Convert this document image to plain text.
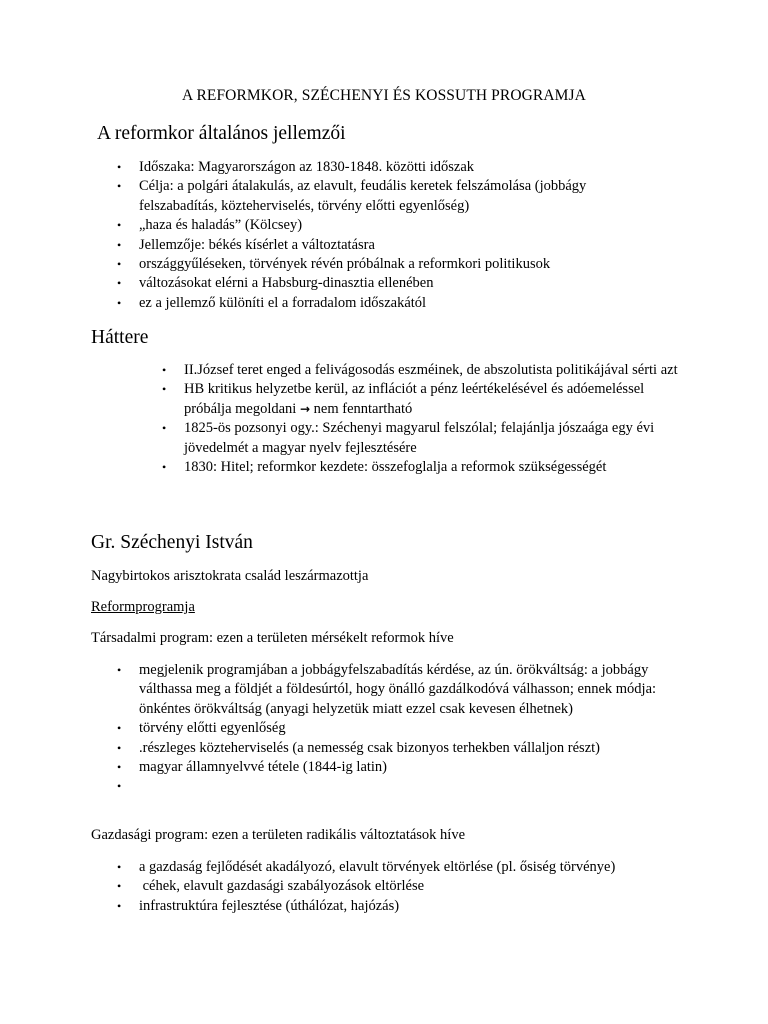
A REFORMKOR, SZÉCHENYI ÉS KOSSUTH PROGRAMJA
A reformkor általános jellemzői
• Időszaka: Magyarországon az 1830-1848. közötti időszak
• Célja: a polgári átalakulás, az elavult, feudális keretek felszámolása (jobbágy felszabadítás, közteherviselés, törvény előtti egyenlőség)
• „haza és haladás” (Kölcsey)
• Jellemzője: békés kísérlet a változtatásra
• országgyűléseken, törvények révén próbálnak a reformkori politikusok
• változásokat elérni a Habsburg-dinasztia ellenében
• ez a jellemző különíti el a forradalom időszakától
Háttere
• II.József teret enged a felivágosodás eszméinek, de abszolutista politikájával sérti azt
• HB kritikus helyzetbe kerül, az inflációt a pénz leértékelésével és adóemeléssel próbálja megoldani → nem fenntartható
• 1825-ös pozsonyi ogy.: Széchenyi magyarul felszólal; felajánlja jószaága egy évi jövedelmét a magyar nyelv fejlesztésére
• 1830: Hitel; reformkor kezdete: összefoglalja a reformok szükségességét
Gr. Széchenyi István
Nagybirtokos arisztokrata család leszármazottja
Reformprogramja
Társadalmi program: ezen a területen mérsékelt reformok híve
• megjelenik programjában a jobbágyfelszabadítás kérdése, az ún. örökváltság: a jobbágy válthassa meg a földjét a földesúrtól, hogy önálló gazdálkodóvá válhasson; ennek módja: önkéntes örökváltság (anyagi helyzetük miatt ezzel csak kevesen élhetnek)
• törvény előtti egyenlőség
• .részleges közteherviselés (a nemesség csak bizonyos terhekben vállaljon részt)
• magyar államnyelvvé tétele (1844-ig latin)
•
Gazdasági program: ezen a területen radikális változtatások híve
• a gazdaság fejlődését akadályozó, elavult törvények eltörlése (pl. ősiség törvénye)
• céhek, elavult gazdasági szabályozások eltörlése
• infrastruktúra fejlesztése (úthálózat, hajózás)
